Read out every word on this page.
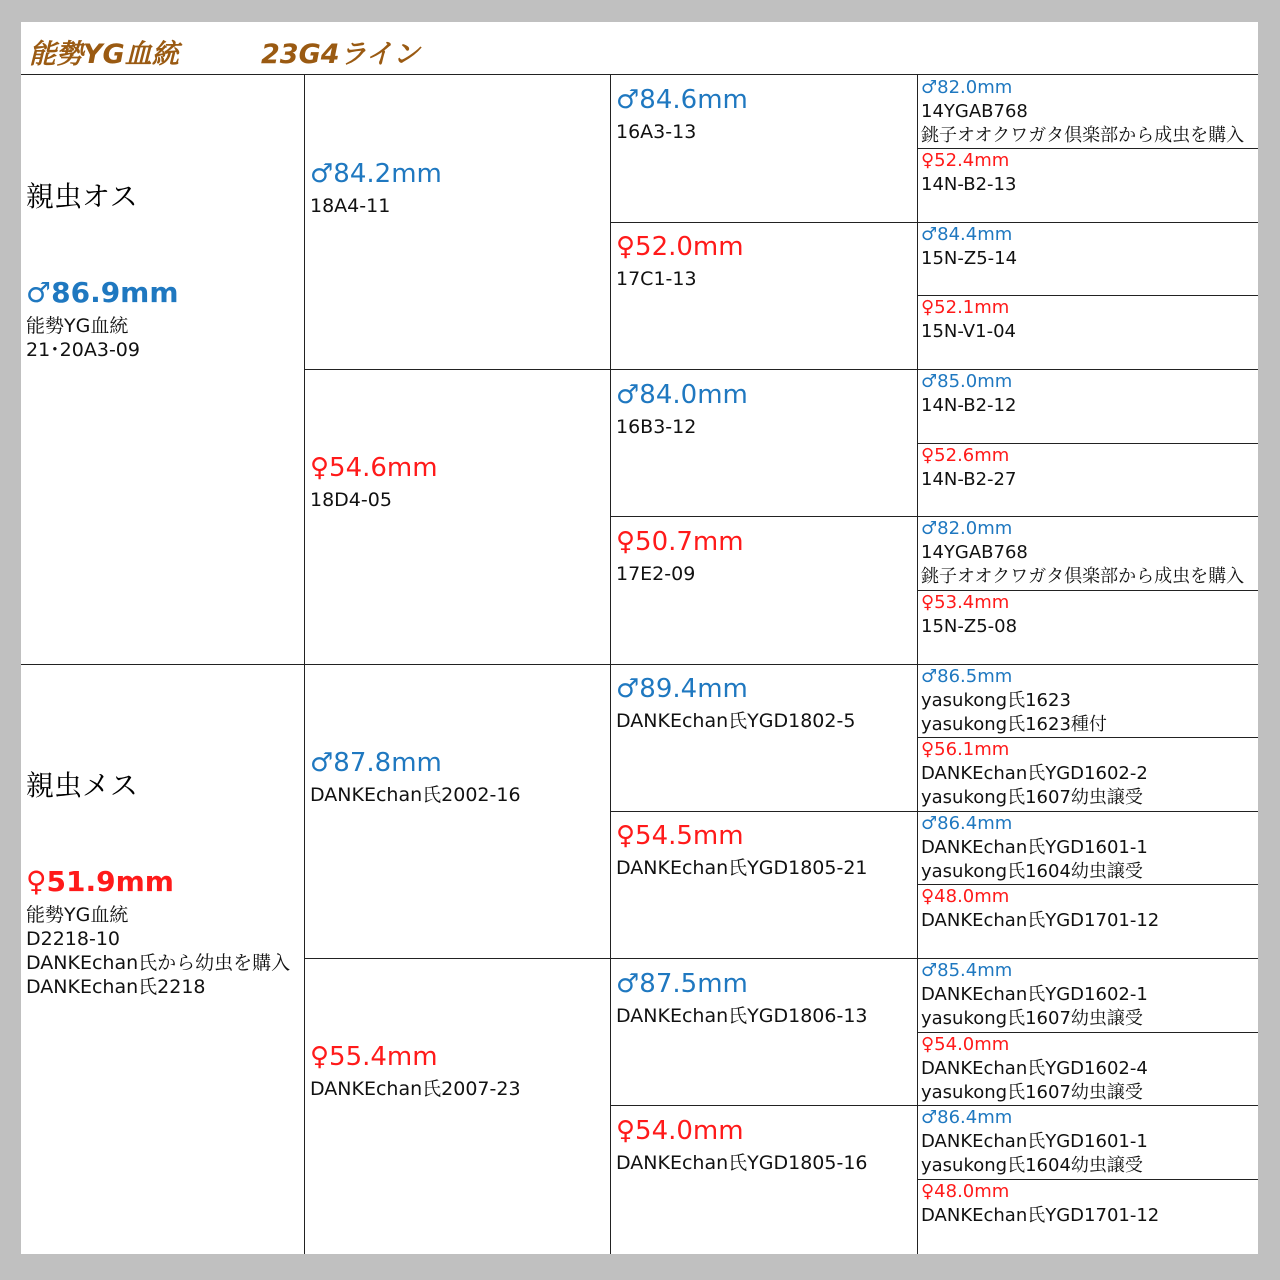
能勢YG血統	23G4ライン
親虫オス
♂86.9mm
能勢YG血統
21･20A3-09
親虫メス
♀51.9mm
能勢YG血統
D2218-10
DANKEchan氏から幼虫を購入
DANKEchan氏2218
♂84.2mm
18A4-11
♀54.6mm
18D4-05
♂87.8mm
DANKEchan氏2002-16
♀55.4mm
DANKEchan氏2007-23
♂84.6mm
16A3-13
♀52.0mm
17C1-13
♂84.0mm
16B3-12
♀50.7mm
17E2-09
♂89.4mm
DANKEchan氏YGD1802-5
♀54.5mm
DANKEchan氏YGD1805-21
♂87.5mm
DANKEchan氏YGD1806-13
♀54.0mm
DANKEchan氏YGD1805-16
♂82.0mm
14YGAB768
銚子オオクワガタ倶楽部から成虫を購入
♀52.4mm
14N-B2-13
♂84.4mm
15N-Z5-14
♀52.1mm
15N-V1-04
♂85.0mm
14N-B2-12
♀52.6mm
14N-B2-27
♂82.0mm
14YGAB768
銚子オオクワガタ倶楽部から成虫を購入
♀53.4mm
15N-Z5-08
♂86.5mm
yasukong氏1623
yasukong氏1623種付
♀56.1mm
DANKEchan氏YGD1602-2
yasukong氏1607幼虫譲受
♂86.4mm
DANKEchan氏YGD1601-1
yasukong氏1604幼虫譲受
♀48.0mm
DANKEchan氏YGD1701-12
♂85.4mm
DANKEchan氏YGD1602-1
yasukong氏1607幼虫譲受
♀54.0mm
DANKEchan氏YGD1602-4
yasukong氏1607幼虫譲受
♂86.4mm
DANKEchan氏YGD1601-1
yasukong氏1604幼虫譲受
♀48.0mm
DANKEchan氏YGD1701-12
